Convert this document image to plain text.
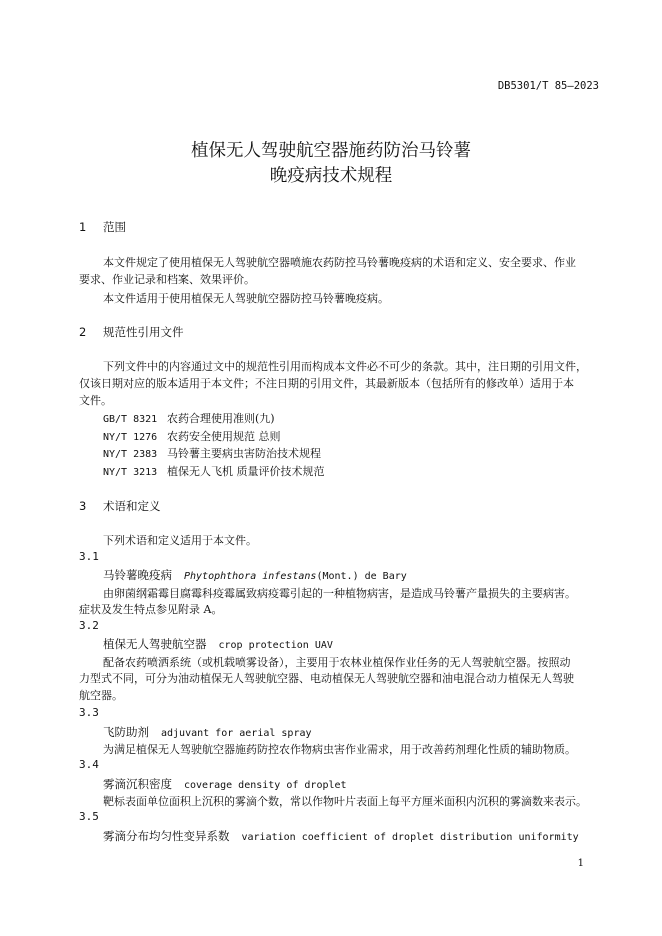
DB5301/T 85—2023
植保无人驾驶航空器施药防治马铃薯
晚疫病技术规程
1 范围
本文件规定了使用植保无人驾驶航空器喷施农药防控马铃薯晚疫病的术语和定义、安全要求、作业
要求、作业记录和档案、效果评价。
本文件适用于使用植保无人驾驶航空器防控马铃薯晚疫病。
2 规范性引用文件
下列文件中的内容通过文中的规范性引用而构成本文件必不可少的条款。其中，注日期的引用文件，
仅该日期对应的版本适用于本文件；不注日期的引用文件，其最新版本（包括所有的修改单）适用于本
文件。
GB/T 8321 农药合理使用准则(九)
NY/T 1276 农药安全使用规范 总则
NY/T 2383 马铃薯主要病虫害防治技术规程
NY/T 3213 植保无人飞机 质量评价技术规范
3 术语和定义
下列术语和定义适用于本文件。
3.1
马铃薯晚疫病 Phytophthora infestans(Mont.) de Bary
由卵菌纲霜霉目腐霉科疫霉属致病疫霉引起的一种植物病害，是造成马铃薯产量损失的主要病害。
症状及发生特点参见附录 A。
3.2
植保无人驾驶航空器 crop protection UAV
配备农药喷洒系统（或机载喷雾设备），主要用于农林业植保作业任务的无人驾驶航空器。按照动
力型式不同，可分为油动植保无人驾驶航空器、电动植保无人驾驶航空器和油电混合动力植保无人驾驶
航空器。
3.3
飞防助剂 adjuvant for aerial spray
为满足植保无人驾驶航空器施药防控农作物病虫害作业需求，用于改善药剂理化性质的辅助物质。
3.4
雾滴沉积密度 coverage density of droplet
靶标表面单位面积上沉积的雾滴个数，常以作物叶片表面上每平方厘米面积内沉积的雾滴数来表示。
3.5
雾滴分布均匀性变异系数 variation coefficient of droplet distribution uniformity
1
